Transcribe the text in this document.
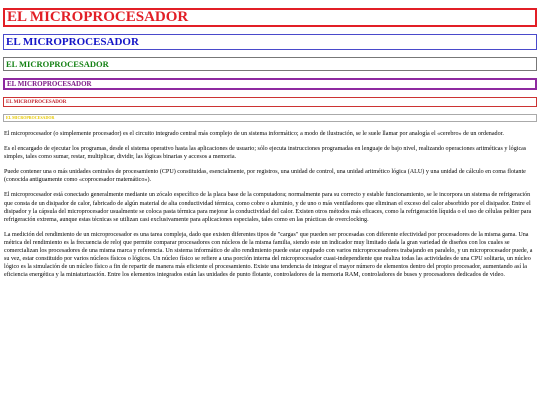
EL MICROPROCESADOR
EL MICROPROCESADOR
EL MICROPROCESADOR
EL MICROPROCESADOR
EL MICROPROCESADOR
EL MICROPROCESADOR

El microprocesador (o simplemente procesador) es el circuito integrado central más complejo de un sistema informático; a modo de ilustración, se le suele llamar por analogía el «cerebro» de un ordenador.

Es el encargado de ejecutar los programas, desde el sistema operativo hasta las aplicaciones de usuario; sólo ejecuta instrucciones programadas en lenguaje de bajo nivel, realizando operaciones aritméticas y lógicas simples, tales como sumar, restar, multiplicar, dividir, las lógicas binarias y accesos a memoria.

Puede contener una o más unidades centrales de procesamiento (CPU) constituidas, esencialmente, por registros, una unidad de control, una unidad aritmético lógica (ALU) y una unidad de cálculo en coma flotante (conocida antiguamente como «coprocesador matemático»).

El microprocesador está conectado generalmente mediante un zócalo específico de la placa base de la computadora; normalmente para su correcto y estable funcionamiento, se le incorpora un sistema de refrigeración que consta de un disipador de calor, fabricado de algún material de alta conductividad térmica, como cobre o aluminio, y de uno o más ventiladores que eliminan el exceso del calor absorbido por el disipador. Entre el disipador y la cápsula del microprocesador usualmente se coloca pasta térmica para mejorar la conductividad del calor. Existen otros métodos más eficaces, como la refrigeración líquida o el uso de células peltier para refrigeración extrema, aunque estas técnicas se utilizan casi exclusivamente para aplicaciones especiales, tales como en las prácticas de overclocking.

La medición del rendimiento de un microprocesador es una tarea compleja, dado que existen diferentes tipos de "cargas" que pueden ser procesadas con diferente efectividad por procesadores de la misma gama. Una métrica del rendimiento es la frecuencia de reloj que permite comparar procesadores con núcleos de la misma familia, siendo este un indicador muy limitado dada la gran variedad de diseños con los cuales se comercializan los procesadores de una misma marca y referencia. Un sistema informático de alto rendimiento puede estar equipado con varios microprocesadores trabajando en paralelo, y un microprocesador puede, a su vez, estar constituido por varios núcleos físicos o lógicos. Un núcleo físico se refiere a una porción interna del microprocesador cuasi-independiente que realiza todas las actividades de una CPU solitaria, un núcleo lógico es la simulación de un núcleo físico a fin de repartir de manera más eficiente el procesamiento. Existe una tendencia de integrar el mayor número de elementos dentro del propio procesador, aumentando así la eficiencia energética y la miniaturización. Entre los elementos integrados están las unidades de punto flotante, controladores de la memoria RAM, controladores de buses y procesadores dedicados de video.
